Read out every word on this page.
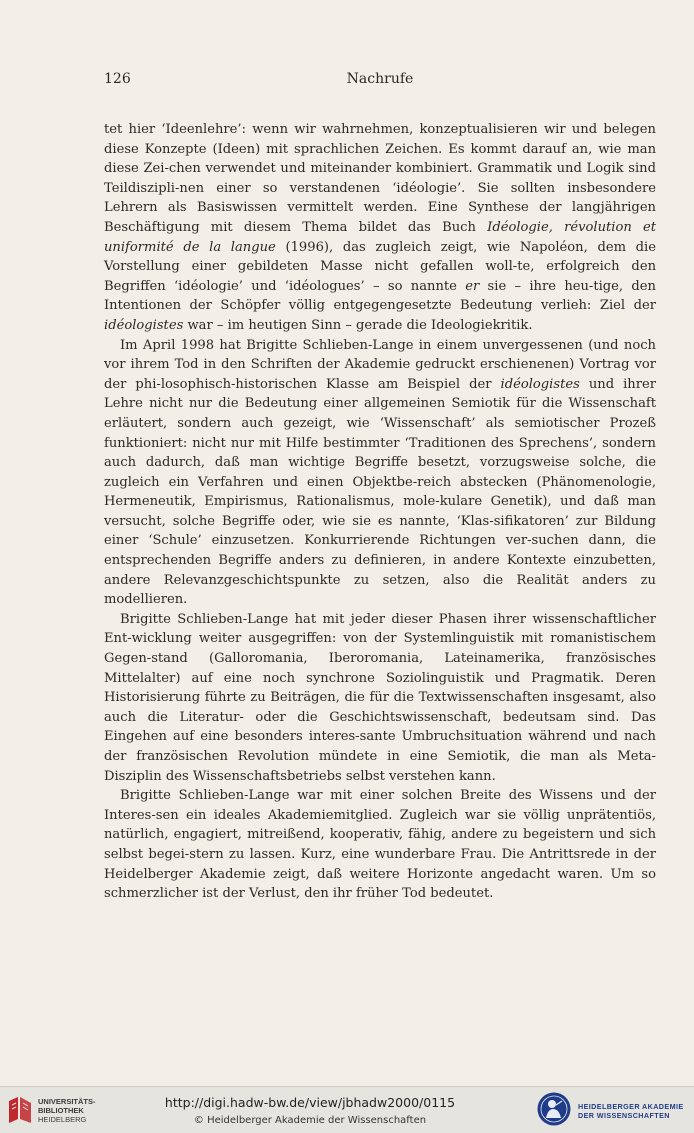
126	Nachrufe

tet hier ‘Ideenlehre’: wenn wir wahrnehmen, konzeptualisieren wir und belegen diese Konzepte (Ideen) mit sprachlichen Zeichen. Es kommt darauf an, wie man diese Zei-chen verwendet und miteinander kombiniert. Grammatik und Logik sind Teildiszipli-nen einer so verstandenen ‘idéologie’. Sie sollten insbesondere Lehrern als Basiswissen vermittelt werden. Eine Synthese der langjährigen Beschäftigung mit diesem Thema bildet das Buch Idéologie, révolution et uniformité de la langue (1996), das zugleich zeigt, wie Napoléon, dem die Vorstellung einer gebildeten Masse nicht gefallen woll-te, erfolgreich den Begriffen ‘idéologie’ und ‘idéologues’ – so nannte er sie – ihre heu-tige, den Intentionen der Schöpfer völlig entgegengesetzte Bedeutung verlieh: Ziel der idéologistes war – im heutigen Sinn – gerade die Ideologiekritik.

Im April 1998 hat Brigitte Schlieben-Lange in einem unvergessenen (und noch vor ihrem Tod in den Schriften der Akademie gedruckt erschienenen) Vortrag vor der phi-losophisch-historischen Klasse am Beispiel der idéologistes und ihrer Lehre nicht nur die Bedeutung einer allgemeinen Semiotik für die Wissenschaft erläutert, sondern auch gezeigt, wie ‘Wissenschaft’ als semiotischer Prozeß funktioniert: nicht nur mit Hilfe bestimmter ‘Traditionen des Sprechens’, sondern auch dadurch, daß man wichtige Begriffe besetzt, vorzugsweise solche, die zugleich ein Verfahren und einen Objektbe-reich abstecken (Phänomenologie, Hermeneutik, Empirismus, Rationalismus, mole-kulare Genetik), und daß man versucht, solche Begriffe oder, wie sie es nannte, ‘Klas-sifikatoren’ zur Bildung einer ‘Schule’ einzusetzen. Konkurrierende Richtungen ver-suchen dann, die entsprechenden Begriffe anders zu definieren, in andere Kontexte einzubetten, andere Relevanzgeschichtspunkte zu setzen, also die Realität anders zu modellieren.

Brigitte Schlieben-Lange hat mit jeder dieser Phasen ihrer wissenschaftlicher Ent-wicklung weiter ausgegriffen: von der Systemlinguistik mit romanistischem Gegen-stand (Galloromania, Iberoromania, Lateinamerika, französisches Mittelalter) auf eine noch synchrone Soziolinguistik und Pragmatik. Deren Historisierung führte zu Beiträgen, die für die Textwissenschaften insgesamt, also auch die Literatur- oder die Geschichtswissenschaft, bedeutsam sind. Das Eingehen auf eine besonders interes-sante Umbruchsituation während und nach der französischen Revolution mündete in eine Semiotik, die man als Meta-Disziplin des Wissenschaftsbetriebs selbst verstehen kann.

Brigitte Schlieben-Lange war mit einer solchen Breite des Wissens und der Interes-sen ein ideales Akademiemitglied. Zugleich war sie völlig unprätentiös, natürlich, engagiert, mitreißend, kooperativ, fähig, andere zu begeistern und sich selbst begei-stern zu lassen. Kurz, eine wunderbare Frau. Die Antrittsrede in der Heidelberger Akademie zeigt, daß weitere Horizonte angedacht waren. Um so schmerzlicher ist der Verlust, den ihr früher Tod bedeutet.

UNIVERSITÄTS-
BIBLIOTHEK
HEIDELBERG
http://digi.hadw-bw.de/view/jbhadw2000/0115
© Heidelberger Akademie der Wissenschaften
HEIDELBERGER AKADEMIE
DER WISSENSCHAFTEN
